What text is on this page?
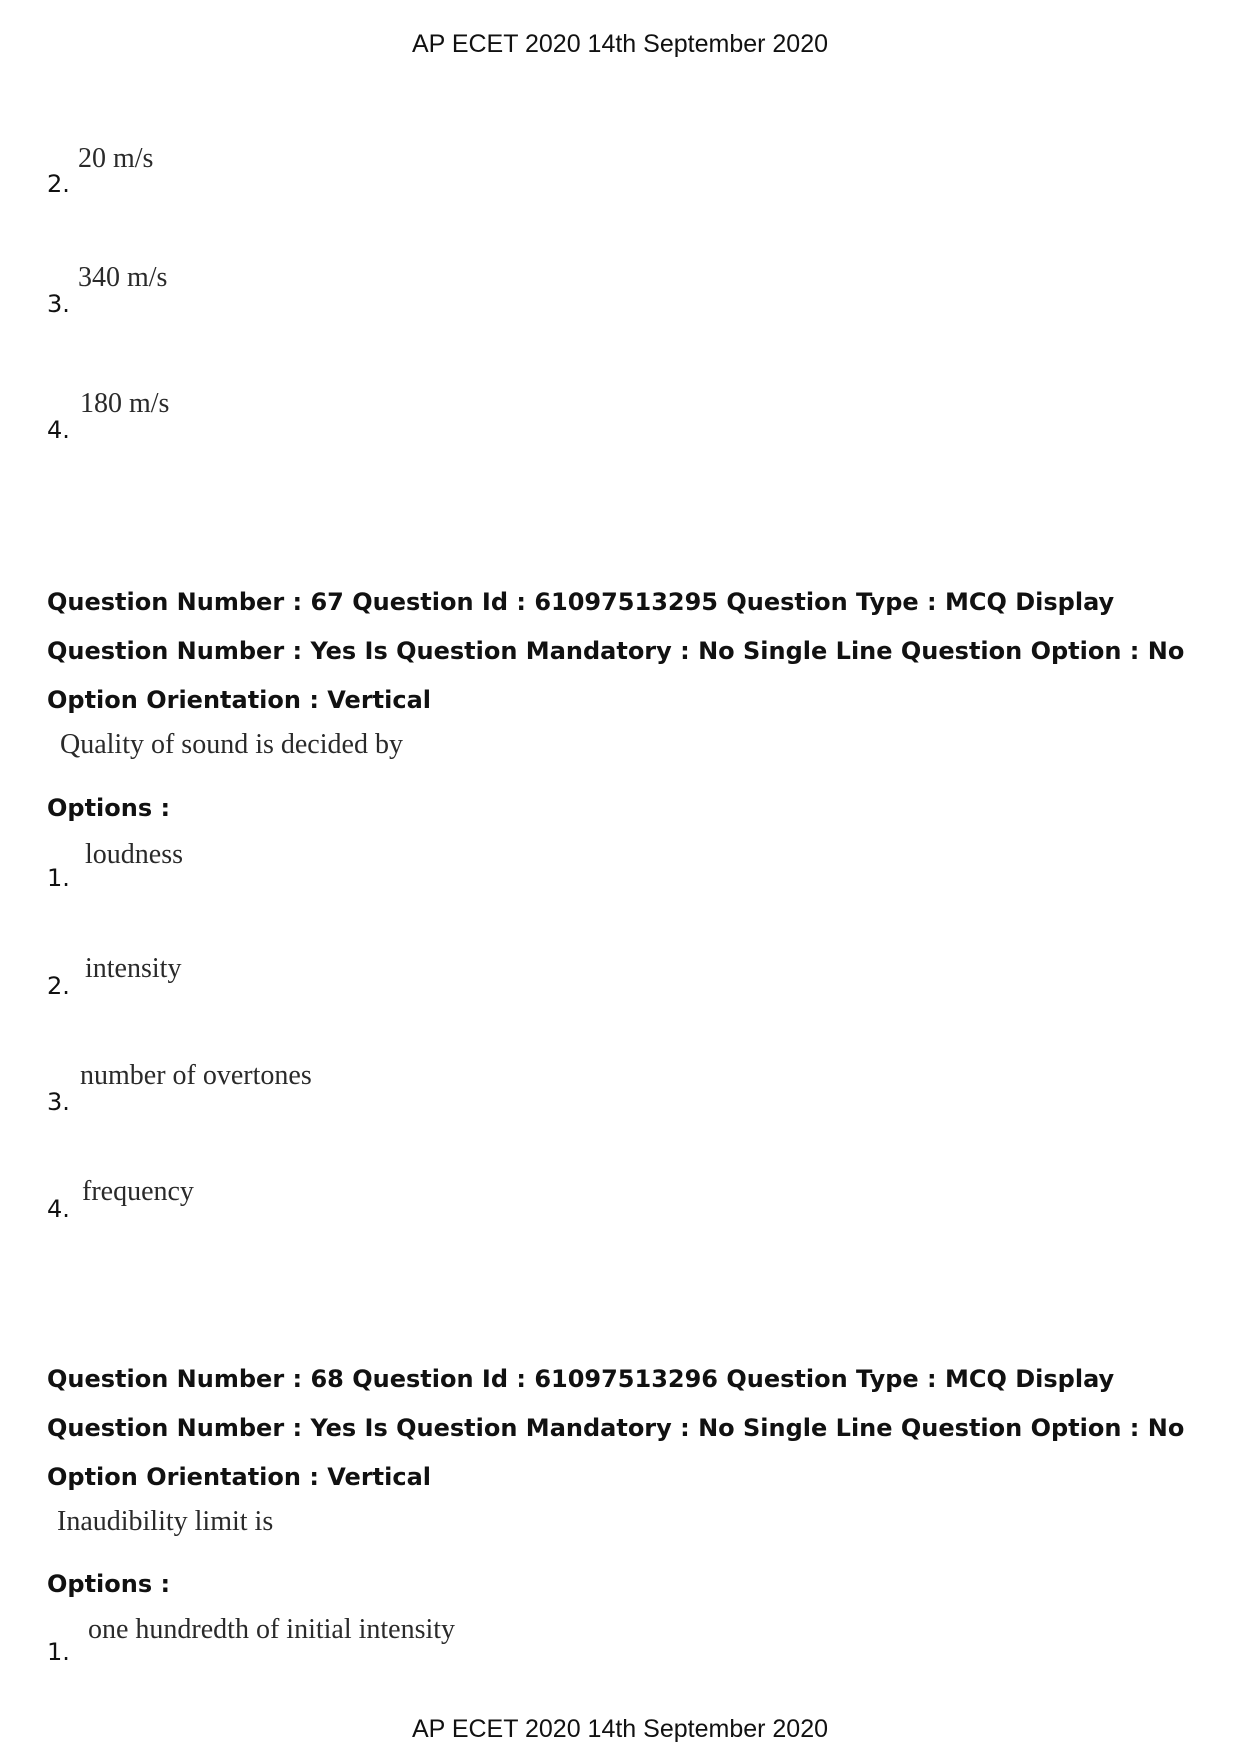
AP ECET 2020 14th September 2020
2.
20 m/s
3.
340 m/s
4.
180 m/s

Question Number : 67 Question Id : 61097513295 Question Type : MCQ Display Question Number : Yes Is Question Mandatory : No Single Line Question Option : No Option Orientation : Vertical

Quality of sound is decided by
Options :
1.
loudness
2.
intensity
3.
number of overtones
4.
frequency

Question Number : 68 Question Id : 61097513296 Question Type : MCQ Display Question Number : Yes Is Question Mandatory : No Single Line Question Option : No Option Orientation : Vertical

Inaudibility limit is
Options :
1.
one hundredth of initial intensity
AP ECET 2020 14th September 2020
